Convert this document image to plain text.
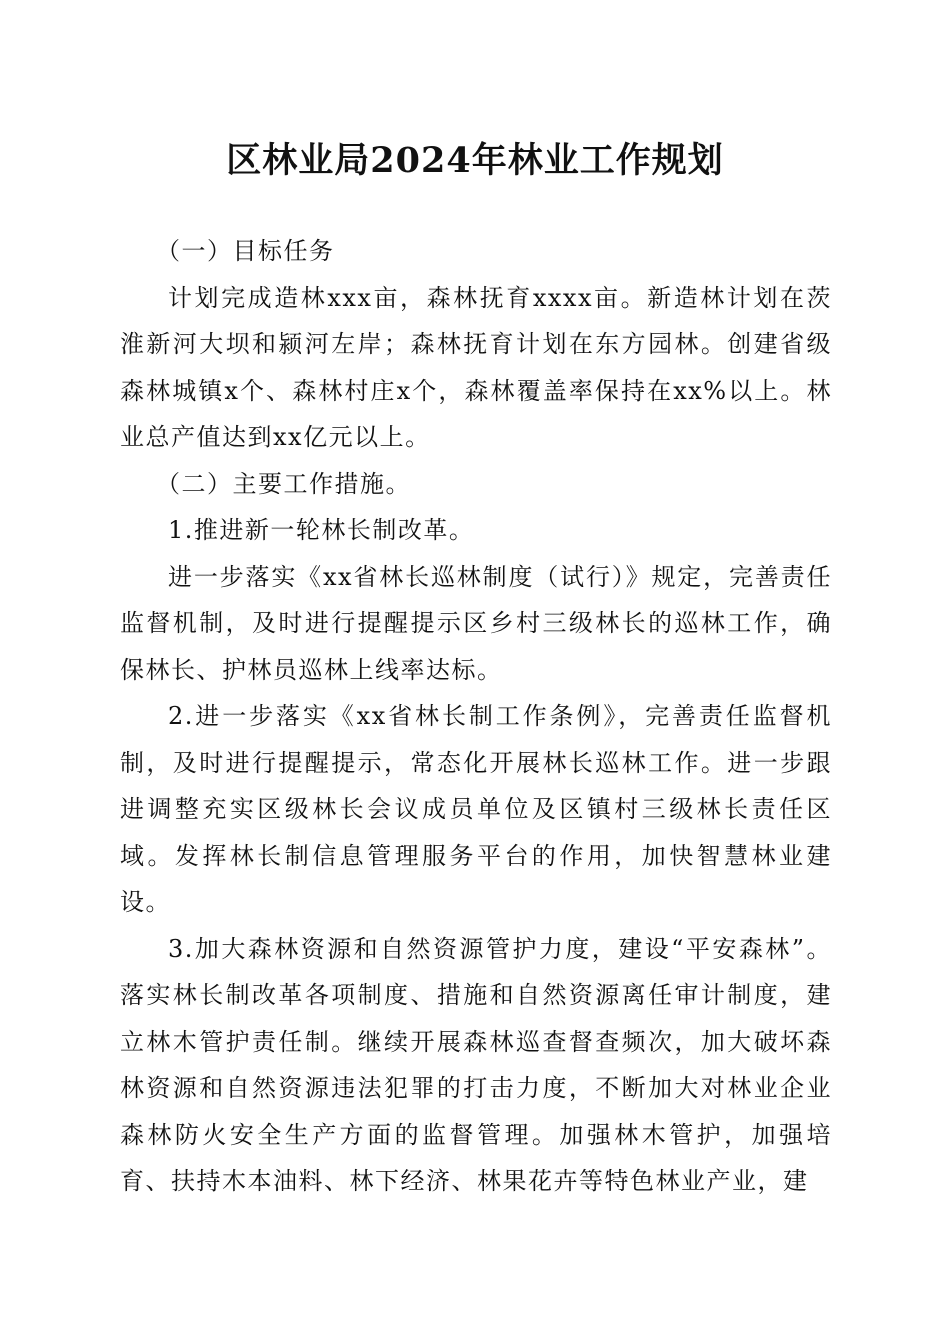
区林业局2024年林业工作规划

（一）目标任务

计划完成造林xxx亩，森林抚育xxxx亩。新造林计划在茨淮新河大坝和颍河左岸；森林抚育计划在东方园林。创建省级森林城镇x个、森林村庄x个，森林覆盖率保持在xx%以上。林业总产值达到xx亿元以上。

（二）主要工作措施。

1.推进新一轮林长制改革。

进一步落实《xx省林长巡林制度（试行）》规定，完善责任监督机制，及时进行提醒提示区乡村三级林长的巡林工作，确保林长、护林员巡林上线率达标。

2.进一步落实《xx省林长制工作条例》，完善责任监督机制，及时进行提醒提示，常态化开展林长巡林工作。进一步跟进调整充实区级林长会议成员单位及区镇村三级林长责任区域。发挥林长制信息管理服务平台的作用，加快智慧林业建设。

3.加大森林资源和自然资源管护力度，建设“平安森林”。落实林长制改革各项制度、措施和自然资源离任审计制度，建立林木管护责任制。继续开展森林巡查督查频次，加大破坏森林资源和自然资源违法犯罪的打击力度，不断加大对林业企业森林防火安全生产方面的监督管理。加强林木管护，加强培育、扶持木本油料、林下经济、林果花卉等特色林业产业，建
